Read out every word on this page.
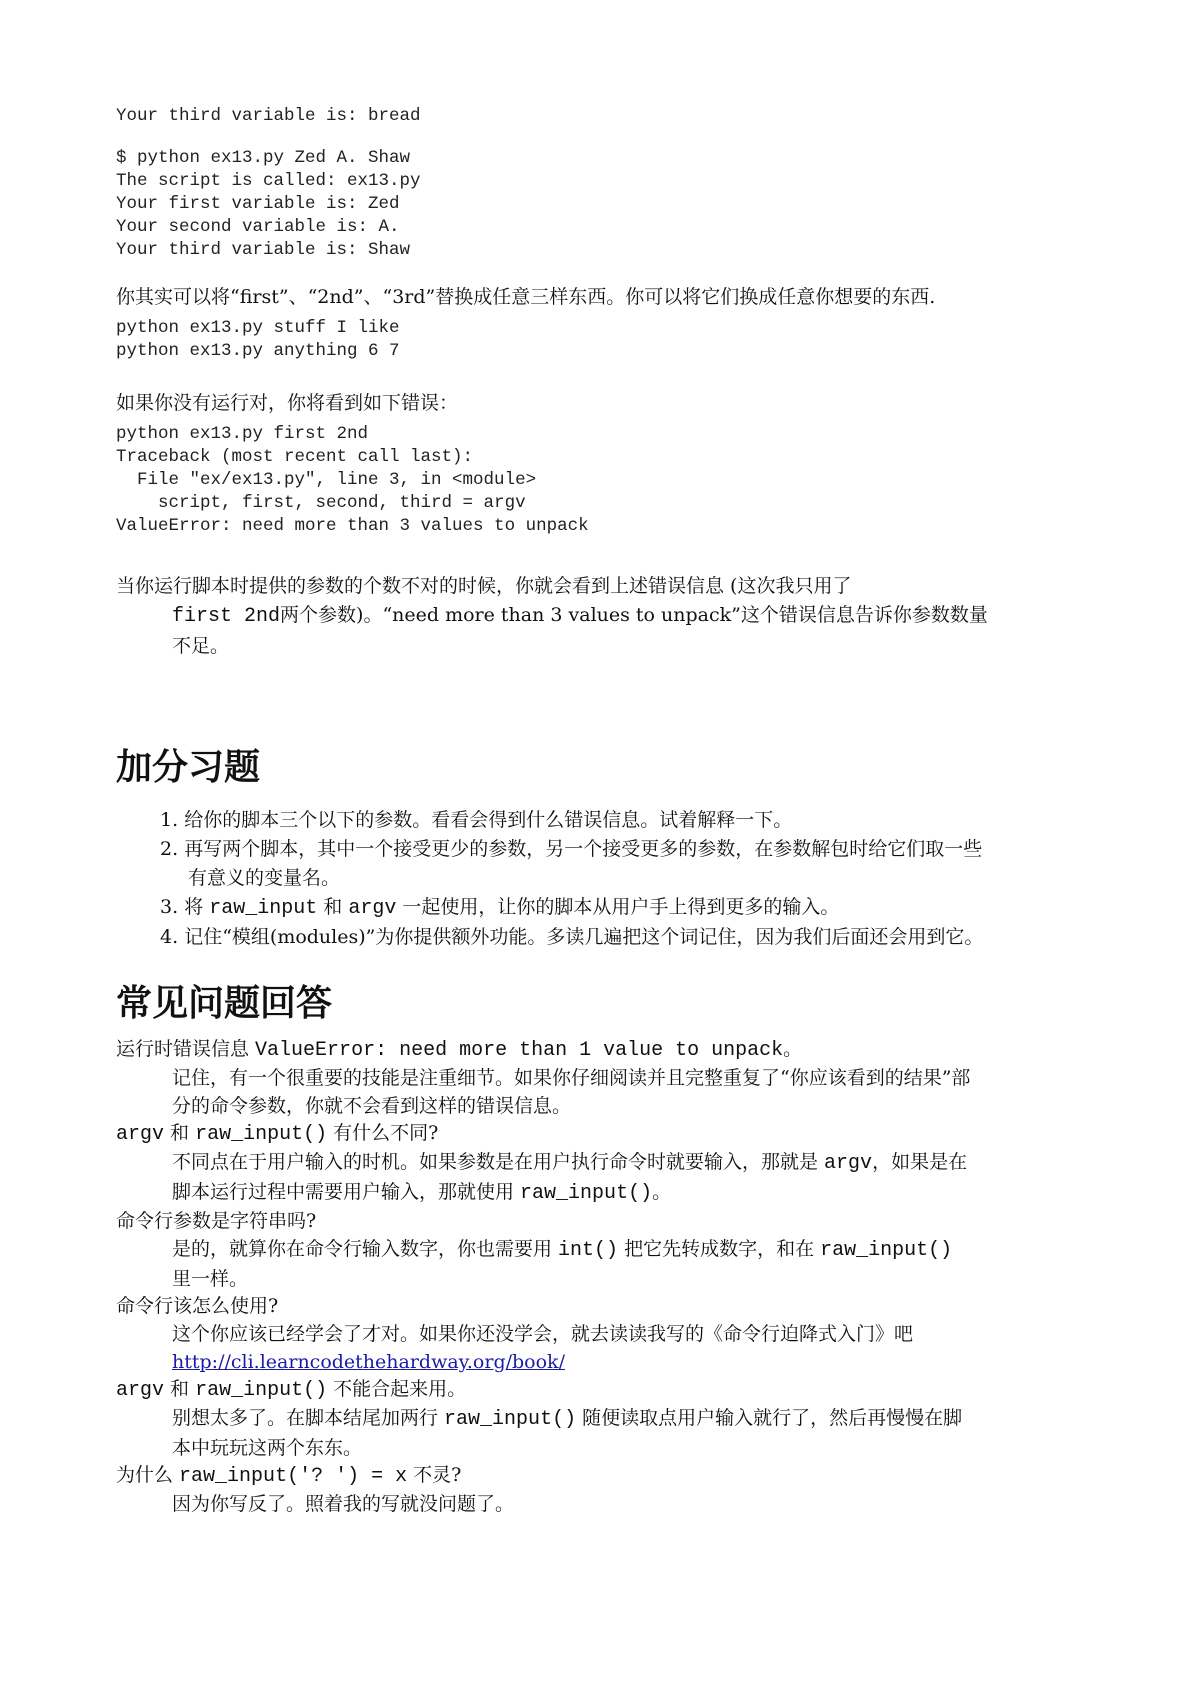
Your third variable is: bread

$ python ex13.py Zed A. Shaw
The script is called: ex13.py
Your first variable is: Zed
Your second variable is: A.
Your third variable is: Shaw

你其实可以将“first”、“2nd”、“3rd”替换成任意三样东西。你可以将它们换成任意你想要的东西.

python ex13.py stuff I like
python ex13.py anything 6 7

如果你没有运行对，你将看到如下错误：

python ex13.py first 2nd
Traceback (most recent call last):
File "ex/ex13.py", line 3, in <module>
script, first, second, third = argv
ValueError: need more than 3 values to unpack

当你运行脚本时提供的参数的个数不对的时候，你就会看到上述错误信息 (这次我只用了

first 2nd两个参数)。“need more than 3 values to unpack”这个错误信息告诉你参数数量

不足。

加分习题
1. 给你的脚本三个以下的参数。看看会得到什么错误信息。试着解释一下。
2. 再写两个脚本，其中一个接受更少的参数，另一个接受更多的参数，在参数解包时给它们取一些
有意义的变量名。
3. 将 raw_input 和 argv 一起使用，让你的脚本从用户手上得到更多的输入。
4. 记住“模组(modules)”为你提供额外功能。多读几遍把这个词记住，因为我们后面还会用到它。
常见问题回答

运行时错误信息 ValueError: need more than 1 value to unpack。

记住，有一个很重要的技能是注重细节。如果你仔细阅读并且完整重复了“你应该看到的结果”部
分的命令参数，你就不会看到这样的错误信息。

argv 和 raw_input() 有什么不同?

不同点在于用户输入的时机。如果参数是在用户执行命令时就要输入，那就是 argv，如果是在
脚本运行过程中需要用户输入，那就使用 raw_input()。

命令行参数是字符串吗?

是的，就算你在命令行输入数字，你也需要用 int() 把它先转成数字，和在 raw_input()
里一样。

命令行该怎么使用?

这个你应该已经学会了才对。如果你还没学会，就去读读我写的《命令行迫降式入门》吧
http://cli.learncodethehardway.org/book/

argv 和 raw_input() 不能合起来用。

别想太多了。在脚本结尾加两行 raw_input() 随便读取点用户输入就行了，然后再慢慢在脚
本中玩玩这两个东东。

为什么 raw_input('? ') = x 不灵?

因为你写反了。照着我的写就没问题了。
